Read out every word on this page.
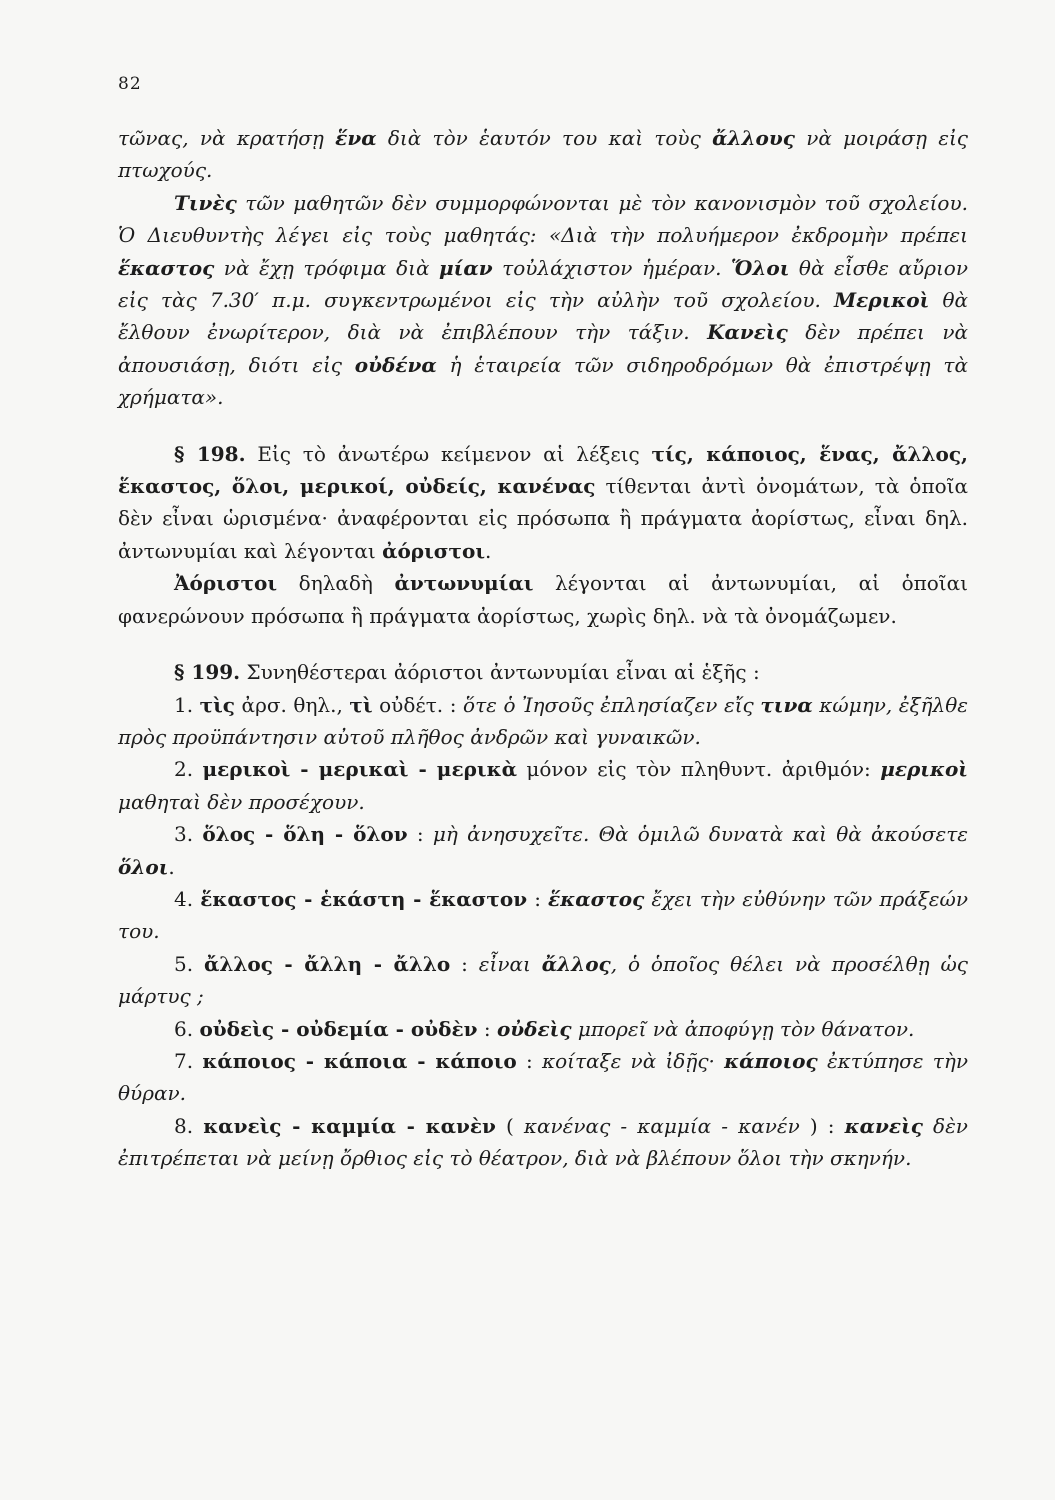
82

τῶνας, νὰ κρατήσῃ ἕνα διὰ τὸν ἑαυτόν του καὶ τοὺς ἄλλους νὰ μοιράσῃ εἰς πτωχούς.

Τινὲς τῶν μαθητῶν δὲν συμμορφώνονται μὲ τὸν κανονισμὸν τοῦ σχολείου. Ὁ Διευθυντὴς λέγει εἰς τοὺς μαθητάς: «Διὰ τὴν πολυήμερον ἐκδρομὴν πρέπει ἕκαστος νὰ ἔχῃ τρόφιμα διὰ μίαν τοὐλάχιστον ἡμέραν. Ὅλοι θὰ εἶσθε αὔριον εἰς τὰς 7.30′ π.μ. συγκεντρωμένοι εἰς τὴν αὐλὴν τοῦ σχολείου. Μερικοὶ θὰ ἔλθουν ἐνωρίτερον, διὰ νὰ ἐπιβλέπουν τὴν τάξιν. Κανεὶς δὲν πρέπει νὰ ἀπουσιάσῃ, διότι εἰς οὐδένα ἡ ἑταιρεία τῶν σιδηροδρόμων θὰ ἐπιστρέψῃ τὰ χρήματα».

§ 198. Εἰς τὸ ἀνωτέρω κείμενον αἱ λέξεις τίς, κάποιος, ἕνας, ἄλλος, ἕκαστος, ὅλοι, μερικοί, οὐδείς, κανένας τίθενται ἀντὶ ὀνομάτων, τὰ ὁποῖα δὲν εἶναι ὡρισμένα· ἀναφέρονται εἰς πρόσωπα ἢ πράγματα ἀορίστως, εἶναι δηλ. ἀντωνυμίαι καὶ λέγονται ἀόριστοι.

Ἀόριστοι δηλαδὴ ἀντωνυμίαι λέγονται αἱ ἀντωνυμίαι, αἱ ὁποῖαι φανερώνουν πρόσωπα ἢ πράγματα ἀορίστως, χωρὶς δηλ. νὰ τὰ ὀνομάζωμεν.

§ 199. Συνηθέστεραι ἀόριστοι ἀντωνυμίαι εἶναι αἱ ἑξῆς :

1. τὶς ἀρσ. θηλ., τὶ οὐδέτ. : ὅτε ὁ Ἰησοῦς ἐπλησίαζεν εἴς τινα κώμην, ἐξῆλθε πρὸς προϋπάντησιν αὐτοῦ πλῆθος ἀνδρῶν καὶ γυναικῶν.

2. μερικοὶ - μερικαὶ - μερικὰ μόνον εἰς τὸν πληθυντ. ἀριθμόν: μερικοὶ μαθηταὶ δὲν προσέχουν.

3. ὅλος - ὅλη - ὅλον : μὴ ἀνησυχεῖτε. Θὰ ὁμιλῶ δυνατὰ καὶ θὰ ἀκούσετε ὅλοι.

4. ἕκαστος - ἑκάστη - ἕκαστον : ἕκαστος ἔχει τὴν εὐθύνην τῶν πράξεών του.

5. ἄλλος - ἄλλη - ἄλλο : εἶναι ἄλλος, ὁ ὁποῖος θέλει νὰ προσέλθῃ ὡς μάρτυς ;

6. οὐδεὶς - οὐδεμία - οὐδὲν : οὐδεὶς μπορεῖ νὰ ἀποφύγῃ τὸν θάνατον.

7. κάποιος - κάποια - κάποιο : κοίταξε νὰ ἰδῇς· κάποιος ἐκτύπησε τὴν θύραν.

8. κανεὶς - καμμία - κανὲν ( κανένας - καμμία - κανέν ) : κανεὶς δὲν ἐπιτρέπεται νὰ μείνῃ ὄρθιος εἰς τὸ θέατρον, διὰ νὰ βλέπουν ὅλοι τὴν σκηνήν.
